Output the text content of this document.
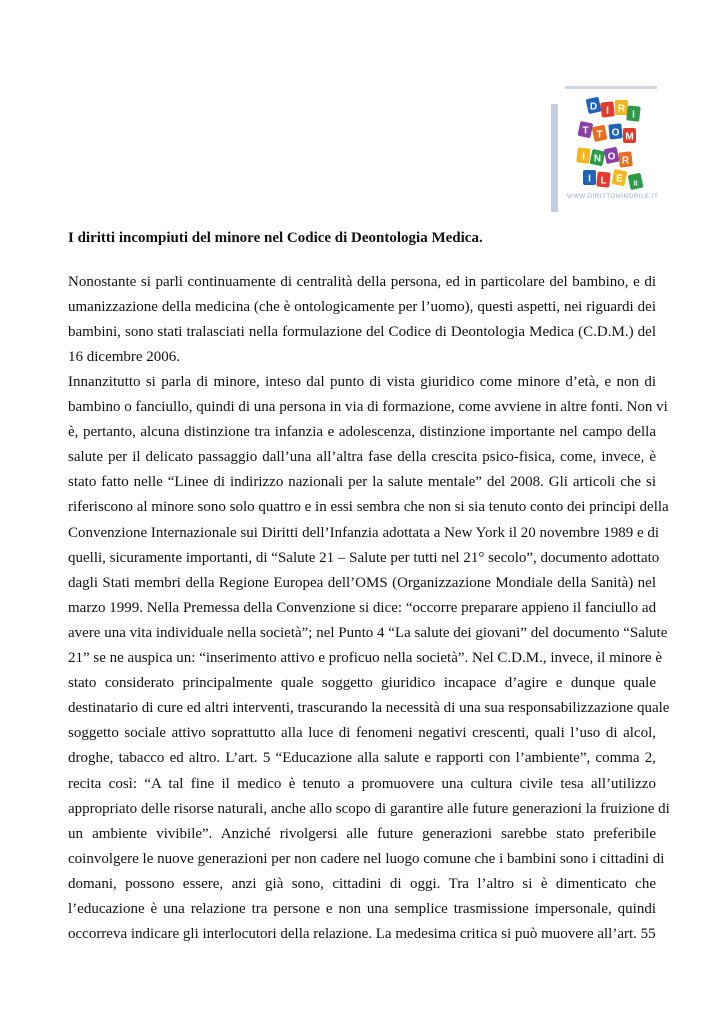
D I R
I
T T O M
I N O R
I L E it
WWW.DIRITTOMINORILE.IT
I diritti incompiuti del minore nel Codice di Deontologia Medica.
Nonostante si parli continuamente di centralità della persona, ed in particolare del bambino, e di
umanizzazione della medicina (che è ontologicamente per l’uomo), questi aspetti, nei riguardi dei
bambini, sono stati tralasciati nella formulazione del Codice di Deontologia Medica (C.D.M.) del
16 dicembre 2006.
Innanzitutto si parla di minore, inteso dal punto di vista giuridico come minore d’età, e non di
bambino o fanciullo, quindi di una persona in via di formazione, come avviene in altre fonti. Non vi
è, pertanto, alcuna distinzione tra infanzia e adolescenza, distinzione importante nel campo della
salute per il delicato passaggio dall’una all’altra fase della crescita psico-fisica, come, invece, è
stato fatto nelle “Linee di indirizzo nazionali per la salute mentale” del 2008. Gli articoli che si
riferiscono al minore sono solo quattro e in essi sembra che non si sia tenuto conto dei principi della
Convenzione Internazionale sui Diritti dell’Infanzia adottata a New York il 20 novembre 1989 e di
quelli, sicuramente importanti, di “Salute 21 – Salute per tutti nel 21° secolo”, documento adottato
dagli Stati membri della Regione Europea dell’OMS (Organizzazione Mondiale della Sanità) nel
marzo 1999. Nella Premessa della Convenzione si dice: “occorre preparare appieno il fanciullo ad
avere una vita individuale nella società”; nel Punto 4 “La salute dei giovani” del documento “Salute
21” se ne auspica un: “inserimento attivo e proficuo nella società”. Nel C.D.M., invece, il minore è
stato considerato principalmente quale soggetto giuridico incapace d’agire e dunque quale
destinatario di cure ed altri interventi, trascurando la necessità di una sua responsabilizzazione quale
soggetto sociale attivo soprattutto alla luce di fenomeni negativi crescenti, quali l’uso di alcol,
droghe, tabacco ed altro. L’art. 5 “Educazione alla salute e rapporti con l’ambiente”, comma 2,
recita così: “A tal fine il medico è tenuto a promuovere una cultura civile tesa all’utilizzo
appropriato delle risorse naturali, anche allo scopo di garantire alle future generazioni la fruizione di
un ambiente vivibile”. Anziché rivolgersi alle future generazioni sarebbe stato preferibile
coinvolgere le nuove generazioni per non cadere nel luogo comune che i bambini sono i cittadini di
domani, possono essere, anzi già sono, cittadini di oggi. Tra l’altro si è dimenticato che
l’educazione è una relazione tra persone e non una semplice trasmissione impersonale, quindi
occorreva indicare gli interlocutori della relazione. La medesima critica si può muovere all’art. 55
